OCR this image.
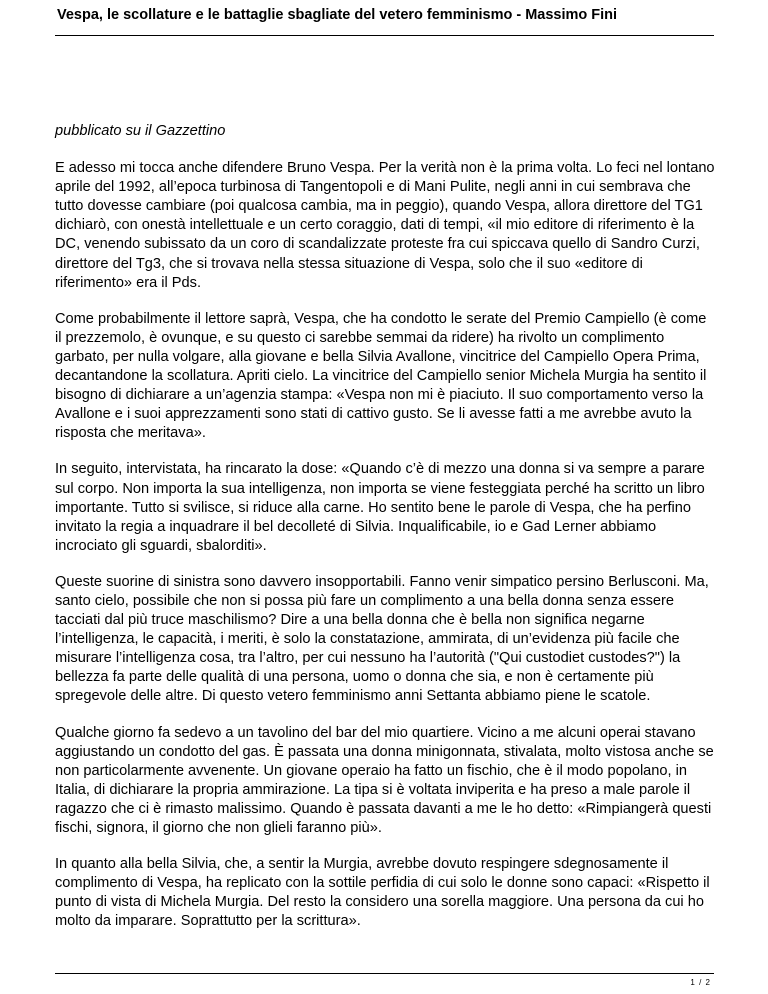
Vespa, le scollature e le battaglie sbagliate del vetero femminismo - Massimo Fini

pubblicato su il Gazzettino

E adesso mi tocca anche difendere Bruno Vespa. Per la verità non è la prima volta. Lo feci nel lontano aprile del 1992, all’epoca turbinosa di Tangentopoli e di Mani Pulite, negli anni in cui sembrava che tutto dovesse cambiare (poi qualcosa cambia, ma in peggio), quando Vespa, allora direttore del TG1 dichiarò, con onestà intellettuale e un certo coraggio, dati di tempi, «il mio editore di riferimento è la DC, venendo subissato da un coro di scandalizzate proteste fra cui spiccava quello di Sandro Curzi, direttore del Tg3, che si trovava nella stessa situazione di Vespa, solo che il suo «editore di riferimento» era il Pds.

Come probabilmente il lettore saprà, Vespa, che ha condotto le serate del Premio Campiello (è come il prezzemolo, è ovunque, e su questo ci sarebbe semmai da ridere) ha rivolto un complimento garbato, per nulla volgare, alla giovane e bella Silvia Avallone, vincitrice del Campiello Opera Prima, decantandone la scollatura. Apriti cielo. La vincitrice del Campiello senior Michela Murgia ha sentito il bisogno di dichiarare a un’agenzia stampa: «Vespa non mi è piaciuto. Il suo comportamento verso la Avallone e i suoi apprezzamenti sono stati di cattivo gusto. Se li avesse fatti a me avrebbe avuto la risposta che meritava».

In seguito, intervistata, ha rincarato la dose: «Quando c’è di mezzo una donna si va sempre a parare sul corpo. Non importa la sua intelligenza, non importa se viene festeggiata perché ha scritto un libro importante. Tutto si svilisce, si riduce alla carne. Ho sentito bene le parole di Vespa, che ha perfino invitato la regia a inquadrare il bel decolleté di Silvia. Inqualificabile, io e Gad Lerner abbiamo incrociato gli sguardi, sbalorditi».

Queste suorine di sinistra sono davvero insopportabili. Fanno venir simpatico persino Berlusconi. Ma, santo cielo, possibile che non si possa più fare un complimento a una bella donna senza essere tacciati dal più truce maschilismo? Dire a una bella donna che è bella non significa negarne l’intelligenza, le capacità, i meriti, è solo la constatazione, ammirata, di un’evidenza più facile che misurare l’intelligenza cosa, tra l’altro, per cui nessuno ha l’autorità ("Qui custodiet custodes?") la bellezza fa parte delle qualità di una persona, uomo o donna che sia, e non è certamente più spregevole delle altre. Di questo vetero femminismo anni Settanta abbiamo piene le scatole.

Qualche giorno fa sedevo a un tavolino del bar del mio quartiere. Vicino a me alcuni operai stavano aggiustando un condotto del gas. È passata una donna minigonnata, stivalata, molto vistosa anche se non particolarmente avvenente. Un giovane operaio ha fatto un fischio, che è il modo popolano, in Italia, di dichiarare la propria ammirazione. La tipa si è voltata inviperita e ha preso a male parole il ragazzo che ci è rimasto malissimo. Quando è passata davanti a me le ho detto: «Rimpiangerà questi fischi, signora, il giorno che non glieli faranno più».

In quanto alla bella Silvia, che, a sentir la Murgia, avrebbe dovuto respingere sdegnosamente il complimento di Vespa, ha replicato con la sottile perfidia di cui solo le donne sono capaci: «Rispetto il punto di vista di Michela Murgia. Del resto la considero una sorella maggiore. Una persona da cui ho molto da imparare. Soprattutto per la scrittura».

1 / 2
